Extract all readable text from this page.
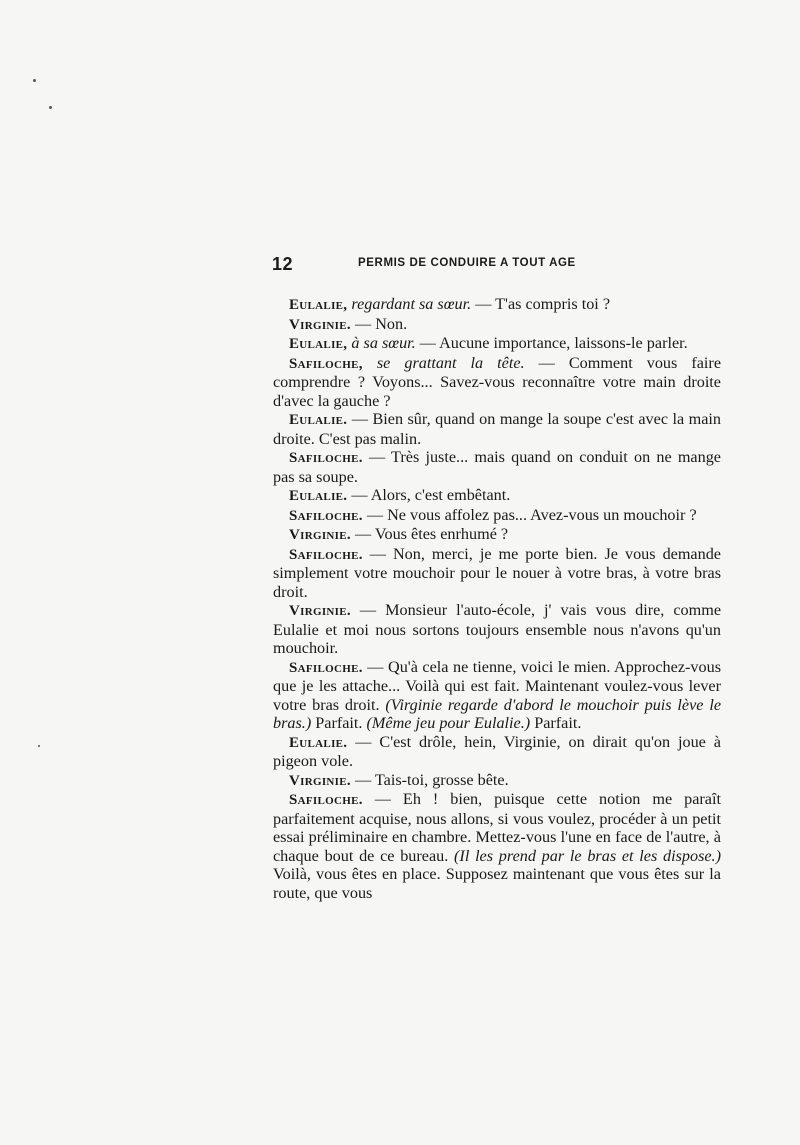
12	PERMIS DE CONDUIRE A TOUT AGE

Eulalie, regardant sa sœur. — T'as compris toi ?

Virginie. — Non.

Eulalie, à sa sœur. — Aucune importance, laissons-le parler.

Safiloche, se grattant la tête. — Comment vous faire comprendre ? Voyons... Savez-vous reconnaître votre main droite d'avec la gauche ?

Eulalie. — Bien sûr, quand on mange la soupe c'est avec la main droite. C'est pas malin.

Safiloche. — Très juste... mais quand on conduit on ne mange pas sa soupe.

Eulalie. — Alors, c'est embêtant.

Safiloche. — Ne vous affolez pas... Avez-vous un mouchoir ?

Virginie. — Vous êtes enrhumé ?

Safiloche. — Non, merci, je me porte bien. Je vous demande simplement votre mouchoir pour le nouer à votre bras, à votre bras droit.

Virginie. — Monsieur l'auto-école, j' vais vous dire, comme Eulalie et moi nous sortons toujours ensemble nous n'avons qu'un mouchoir.

Safiloche. — Qu'à cela ne tienne, voici le mien. Approchez-vous que je les attache... Voilà qui est fait. Maintenant voulez-vous lever votre bras droit. (Virginie regarde d'abord le mouchoir puis lève le bras.) Parfait. (Même jeu pour Eulalie.) Parfait.

Eulalie. — C'est drôle, hein, Virginie, on dirait qu'on joue à pigeon vole.

Virginie. — Tais-toi, grosse bête.

Safiloche. — Eh ! bien, puisque cette notion me paraît parfaitement acquise, nous allons, si vous voulez, procéder à un petit essai préliminaire en chambre. Mettez-vous l'une en face de l'autre, à chaque bout de ce bureau. (Il les prend par le bras et les dispose.) Voilà, vous êtes en place. Supposez maintenant que vous êtes sur la route, que vous
